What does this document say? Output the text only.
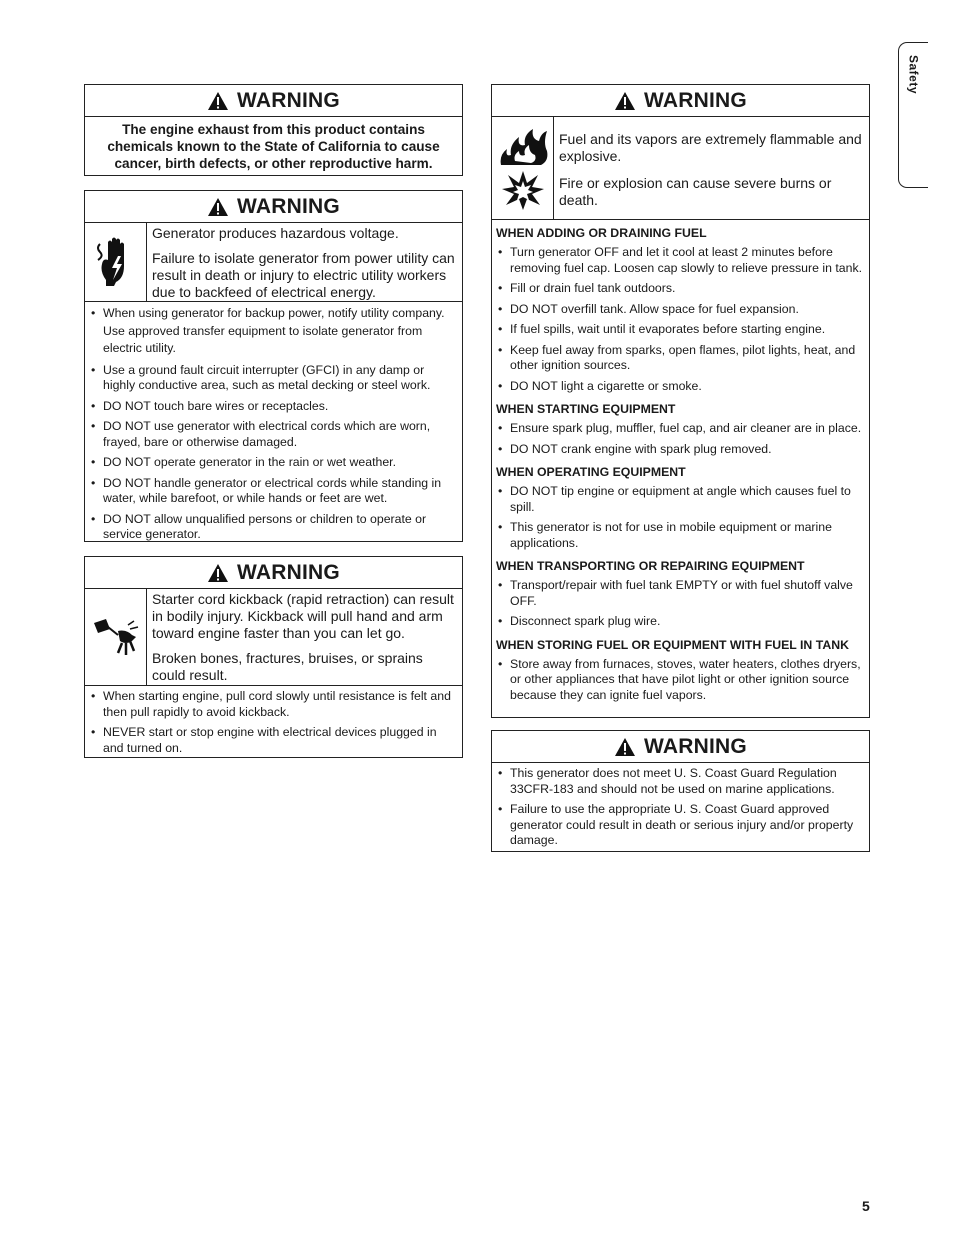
WARNING
The engine exhaust from this product contains chemicals known to the State of California to cause cancer, birth defects, or other reproductive harm.
WARNING

Generator produces hazardous voltage.

Failure to isolate generator from power utility can result in death or injury to electric utility workers due to backfeed of electrical energy.

• When using generator for backup power, notify utility company. Use approved transfer equipment to isolate generator from electric utility.
• Use a ground fault circuit interrupter (GFCI) in any damp or highly conductive area, such as metal decking or steel work.
• DO NOT touch bare wires or receptacles.
• DO NOT use generator with electrical cords which are worn, frayed, bare or otherwise damaged.
• DO NOT operate generator in the rain or wet weather.
• DO NOT handle generator or electrical cords while standing in water, while barefoot, or while hands or feet are wet.
• DO NOT allow unqualified persons or children to operate or service generator.
WARNING

Starter cord kickback (rapid retraction) can result in bodily injury. Kickback will pull hand and arm toward engine faster than you can let go.

Broken bones, fractures, bruises, or sprains could result.

• When starting engine, pull cord slowly until resistance is felt and then pull rapidly to avoid kickback.
• NEVER start or stop engine with electrical devices plugged in and turned on.
WARNING

Fuel and its vapors are extremely flammable and explosive.

Fire or explosion can cause severe burns or death.

WHEN ADDING OR DRAINING FUEL
• Turn generator OFF and let it cool at least 2 minutes before removing fuel cap. Loosen cap slowly to relieve pressure in tank.
• Fill or drain fuel tank outdoors.
• DO NOT overfill tank. Allow space for fuel expansion.
• If fuel spills, wait until it evaporates before starting engine.
• Keep fuel away from sparks, open flames, pilot lights, heat, and other ignition sources.
• DO NOT light a cigarette or smoke.
WHEN STARTING EQUIPMENT
• Ensure spark plug, muffler, fuel cap, and air cleaner are in place.
• DO NOT crank engine with spark plug removed.
WHEN OPERATING EQUIPMENT
• DO NOT tip engine or equipment at angle which causes fuel to spill.
• This generator is not for use in mobile equipment or marine applications.
WHEN TRANSPORTING OR REPAIRING EQUIPMENT
• Transport/repair with fuel tank EMPTY or with fuel shutoff valve OFF.
• Disconnect spark plug wire.
WHEN STORING FUEL OR EQUIPMENT WITH FUEL IN TANK
• Store away from furnaces, stoves, water heaters, clothes dryers, or other appliances that have pilot light or other ignition source because they can ignite fuel vapors.
WARNING
• This generator does not meet U. S. Coast Guard Regulation 33CFR-183 and should not be used on marine applications.
• Failure to use the appropriate U. S. Coast Guard approved generator could result in death or serious injury and/or property damage.
Safety
5
